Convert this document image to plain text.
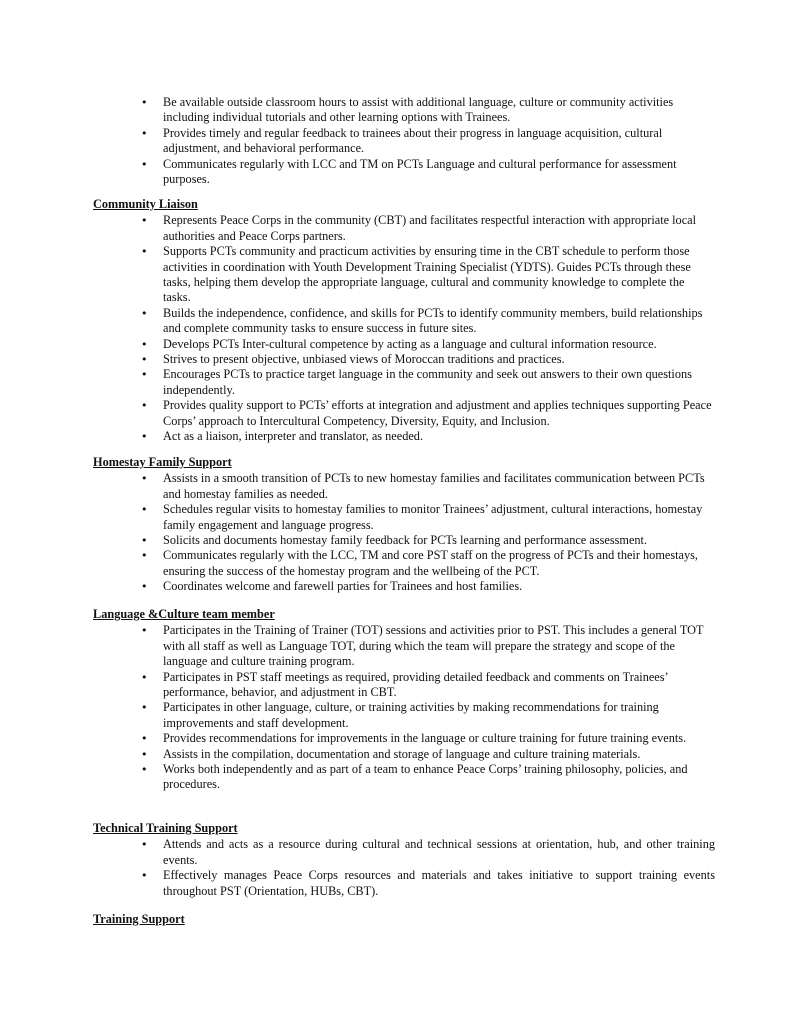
• Be available outside classroom hours to assist with additional language, culture or community activities including individual tutorials and other learning options with Trainees.
• Provides timely and regular feedback to trainees about their progress in language acquisition, cultural adjustment, and behavioral performance.
• Communicates regularly with LCC and TM on PCTs Language and cultural performance for assessment purposes.
Community Liaison
• Represents Peace Corps in the community (CBT) and facilitates respectful interaction with appropriate local authorities and Peace Corps partners.
• Supports PCTs community and practicum activities by ensuring time in the CBT schedule to perform those activities in coordination with Youth Development Training Specialist (YDTS). Guides PCTs through these tasks, helping them develop the appropriate language, cultural and community knowledge to complete the tasks.
• Builds the independence, confidence, and skills for PCTs to identify community members, build relationships and complete community tasks to ensure success in future sites.
• Develops PCTs Inter-cultural competence by acting as a language and cultural information resource.
• Strives to present objective, unbiased views of Moroccan traditions and practices.
• Encourages PCTs to practice target language in the community and seek out answers to their own questions independently.
• Provides quality support to PCTs’ efforts at integration and adjustment and applies techniques supporting Peace Corps’ approach to Intercultural Competency, Diversity, Equity, and Inclusion.
• Act as a liaison, interpreter and translator, as needed.
Homestay Family Support
• Assists in a smooth transition of PCTs to new homestay families and facilitates communication between PCTs and homestay families as needed.
• Schedules regular visits to homestay families to monitor Trainees’ adjustment, cultural interactions, homestay family engagement and language progress.
• Solicits and documents homestay family feedback for PCTs learning and performance assessment.
• Communicates regularly with the LCC, TM and core PST staff on the progress of PCTs and their homestays, ensuring the success of the homestay program and the wellbeing of the PCT.
• Coordinates welcome and farewell parties for Trainees and host families.
Language &Culture team member
• Participates in the Training of Trainer (TOT) sessions and activities prior to PST. This includes a general TOT with all staff as well as Language TOT, during which the team will prepare the strategy and scope of the language and culture training program.
• Participates in PST staff meetings as required, providing detailed feedback and comments on Trainees’ performance, behavior, and adjustment in CBT.
• Participates in other language, culture, or training activities by making recommendations for training improvements and staff development.
• Provides recommendations for improvements in the language or culture training for future training events.
• Assists in the compilation, documentation and storage of language and culture training materials.
• Works both independently and as part of a team to enhance Peace Corps’ training philosophy, policies, and procedures.
Technical Training Support
• Attends and acts as a resource during cultural and technical sessions at orientation, hub, and other training events.
• Effectively manages Peace Corps resources and materials and takes initiative to support training events throughout PST (Orientation, HUBs, CBT).
Training Support
